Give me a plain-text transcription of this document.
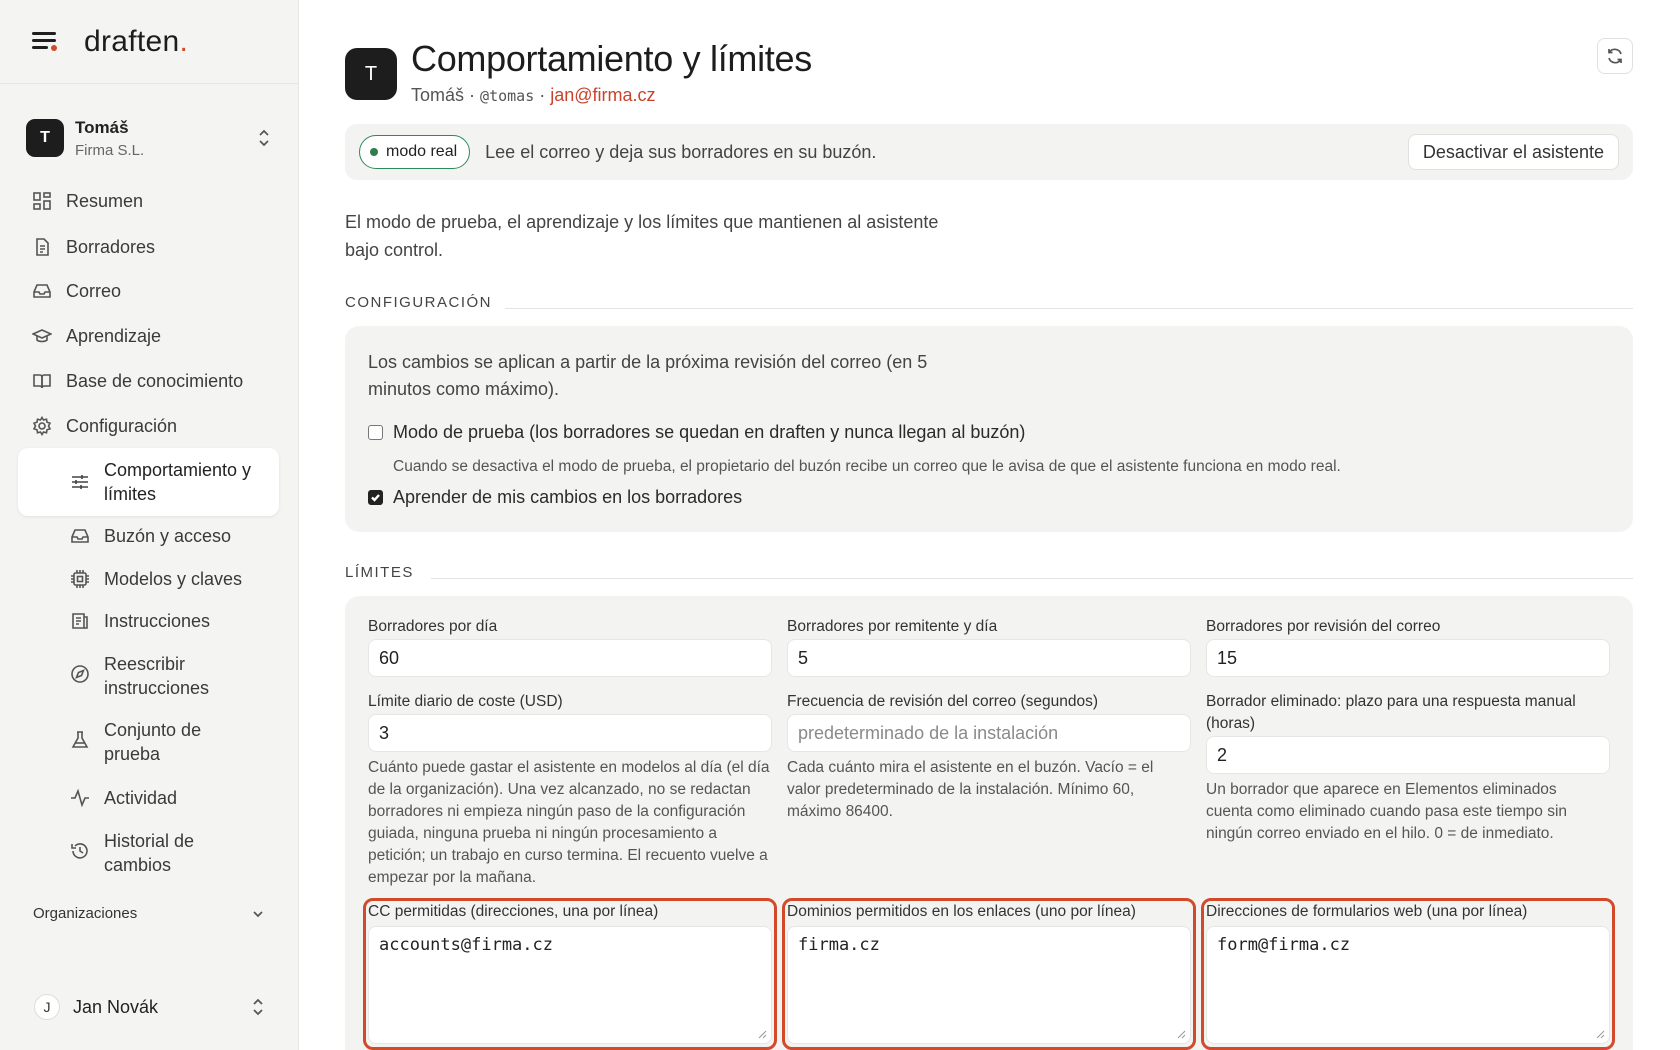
draften.
T
Tomáš
Firma S.L.
Resumen
Borradores
Correo
Aprendizaje
Base de conocimiento
Configuración
Comportamiento y límites
Buzón y acceso
Modelos y claves
Instrucciones
Reescribir instrucciones
Conjunto de prueba
Actividad
Historial de cambios
Organizaciones
J	Jan Novák
T Comportamiento y límites
Tomáš · @tomas · jan@firma.cz
modo real Lee el correo y deja sus borradores en su buzón.	Desactivar el asistente

El modo de prueba, el aprendizaje y los límites que mantienen al asistente bajo control.

CONFIGURACIÓN

Los cambios se aplican a partir de la próxima revisión del correo (en 5 minutos como máximo).

Modo de prueba (los borradores se quedan en draften y nunca llegan al buzón)
Cuando se desactiva el modo de prueba, el propietario del buzón recibe un correo que le avisa de que el asistente funciona en modo real.
Aprender de mis cambios en los borradores
LÍMITES
Borradores por día
60
Borradores por remitente y día
5
Borradores por revisión del correo
15
Límite diario de coste (USD)
3
Cuánto puede gastar el asistente en modelos al día (el día de la organización). Una vez alcanzado, no se redactan borradores ni empieza ningún paso de la configuración guiada, ninguna prueba ni ningún procesamiento a petición; un trabajo en curso termina. El recuento vuelve a empezar por la mañana.
Frecuencia de revisión del correo (segundos)
predeterminado de la instalación
Cada cuánto mira el asistente en el buzón. Vacío = el valor predeterminado de la instalación. Mínimo 60, máximo 86400.
Borrador eliminado: plazo para una respuesta manual (horas)
2
Un borrador que aparece en Elementos eliminados cuenta como eliminado cuando pasa este tiempo sin ningún correo enviado en el hilo. 0 = de inmediato.
CC permitidas (direcciones, una por línea)
accounts@firma.cz
Dominios permitidos en los enlaces (uno por línea)
firma.cz
Direcciones de formularios web (una por línea)
form@firma.cz
